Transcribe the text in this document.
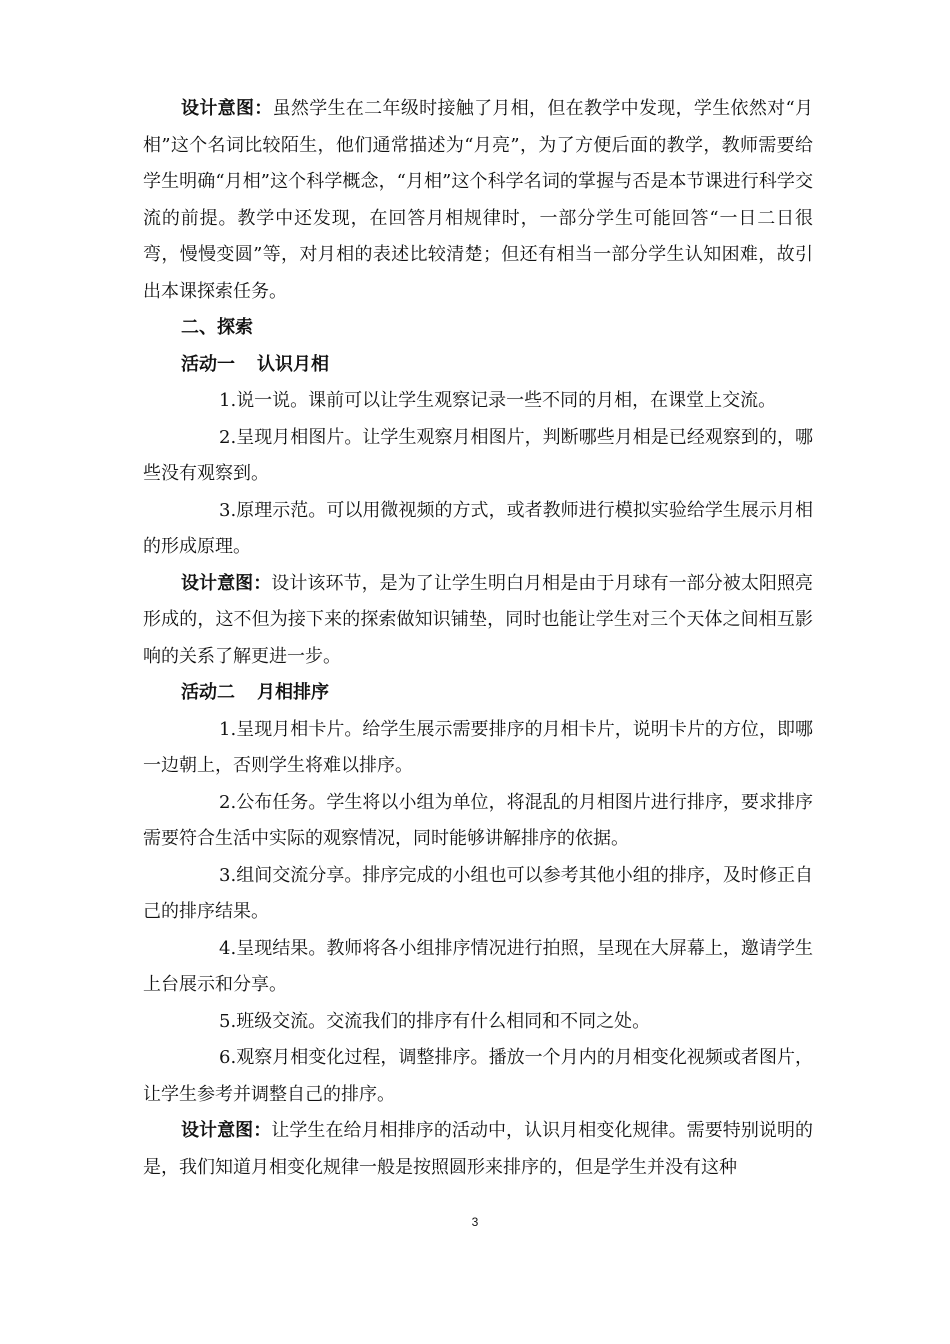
设计意图：虽然学生在二年级时接触了月相，但在教学中发现，学生依然对“月相”这个名词比较陌生，他们通常描述为“月亮”，为了方便后面的教学，教师需要给学生明确“月相”这个科学概念，“月相”这个科学名词的掌握与否是本节课进行科学交流的前提。教学中还发现，在回答月相规律时，一部分学生可能回答“一日二日很弯，慢慢变圆”等，对月相的表述比较清楚；但还有相当一部分学生认知困难，故引出本课探索任务。

二、探索

活动一 认识月相

1.说一说。课前可以让学生观察记录一些不同的月相，在课堂上交流。

2.呈现月相图片。让学生观察月相图片，判断哪些月相是已经观察到的，哪些没有观察到。

3.原理示范。可以用微视频的方式，或者教师进行模拟实验给学生展示月相的形成原理。

设计意图：设计该环节，是为了让学生明白月相是由于月球有一部分被太阳照亮形成的，这不但为接下来的探索做知识铺垫，同时也能让学生对三个天体之间相互影响的关系了解更进一步。

活动二 月相排序

1.呈现月相卡片。给学生展示需要排序的月相卡片，说明卡片的方位，即哪一边朝上，否则学生将难以排序。

2.公布任务。学生将以小组为单位，将混乱的月相图片进行排序，要求排序需要符合生活中实际的观察情况，同时能够讲解排序的依据。

3.组间交流分享。排序完成的小组也可以参考其他小组的排序，及时修正自己的排序结果。

4.呈现结果。教师将各小组排序情况进行拍照，呈现在大屏幕上，邀请学生上台展示和分享。

5.班级交流。交流我们的排序有什么相同和不同之处。

6.观察月相变化过程，调整排序。播放一个月内的月相变化视频或者图片，让学生参考并调整自己的排序。

设计意图：让学生在给月相排序的活动中，认识月相变化规律。需要特别说明的是，我们知道月相变化规律一般是按照圆形来排序的，但是学生并没有这种

3
